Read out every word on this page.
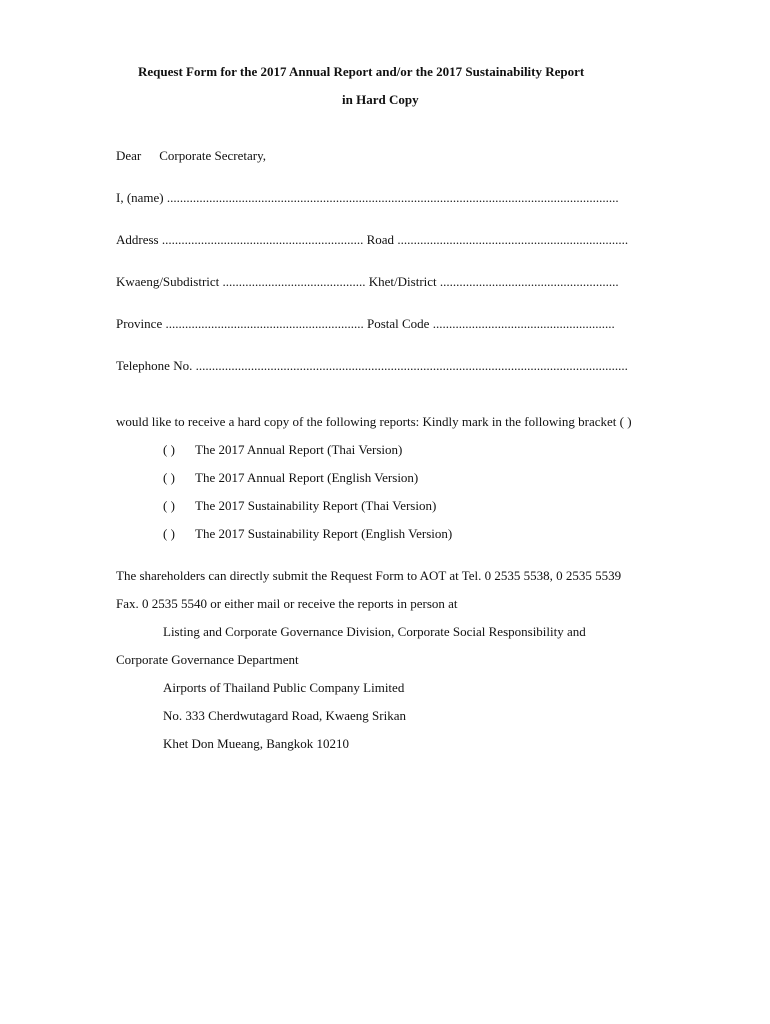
Request Form for the 2017 Annual Report and/or the 2017 Sustainability Report
in Hard Copy
Dear Corporate Secretary,
I, (name) ...........................................................................................................................................
Address .............................................................. Road .......................................................................
Kwaeng/Subdistrict ............................................ Khet/District .......................................................
Province ............................................................. Postal Code ........................................................
Telephone No. .....................................................................................................................................
would like to receive a hard copy of the following reports: Kindly mark in the following bracket ( )
( ) The 2017 Annual Report (Thai Version)
( ) The 2017 Annual Report (English Version)
( ) The 2017 Sustainability Report (Thai Version)
( ) The 2017 Sustainability Report (English Version)
The shareholders can directly submit the Request Form to AOT at Tel. 0 2535 5538, 0 2535 5539
Fax. 0 2535 5540 or either mail or receive the reports in person at
Listing and Corporate Governance Division, Corporate Social Responsibility and
Corporate Governance Department
Airports of Thailand Public Company Limited
No. 333 Cherdwutagard Road, Kwaeng Srikan
Khet Don Mueang, Bangkok 10210
